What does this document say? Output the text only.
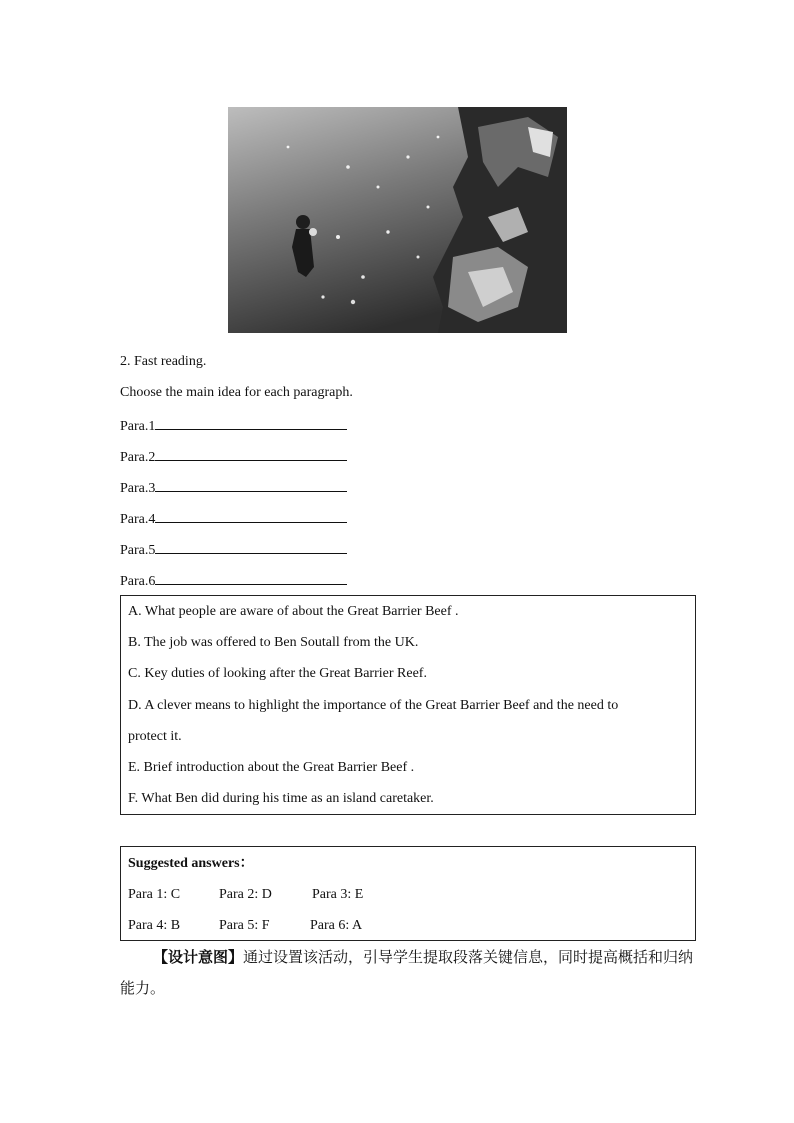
2. Fast reading.
Choose the main idea for each paragraph.
Para.1
Para.2
Para.3
Para.4
Para.5
Para.6
A. What people are aware of about the Great Barrier Beef .
B. The job was offered to Ben Soutall from the UK.
C. Key duties of looking after the Great Barrier Reef.
D. A clever means to highlight the importance of the Great Barrier Beef and the need to
protect it.
E. Brief introduction about the Great Barrier Beef .
F. What Ben did during his time as an island caretaker.
Suggested answers：
Para 1: C	Para 2: D	Para 3: E
Para 4: B	Para 5: F	Para 6: A
【设计意图】通过设置该活动，引导学生提取段落关键信息，同时提高概括和归纳能力。
